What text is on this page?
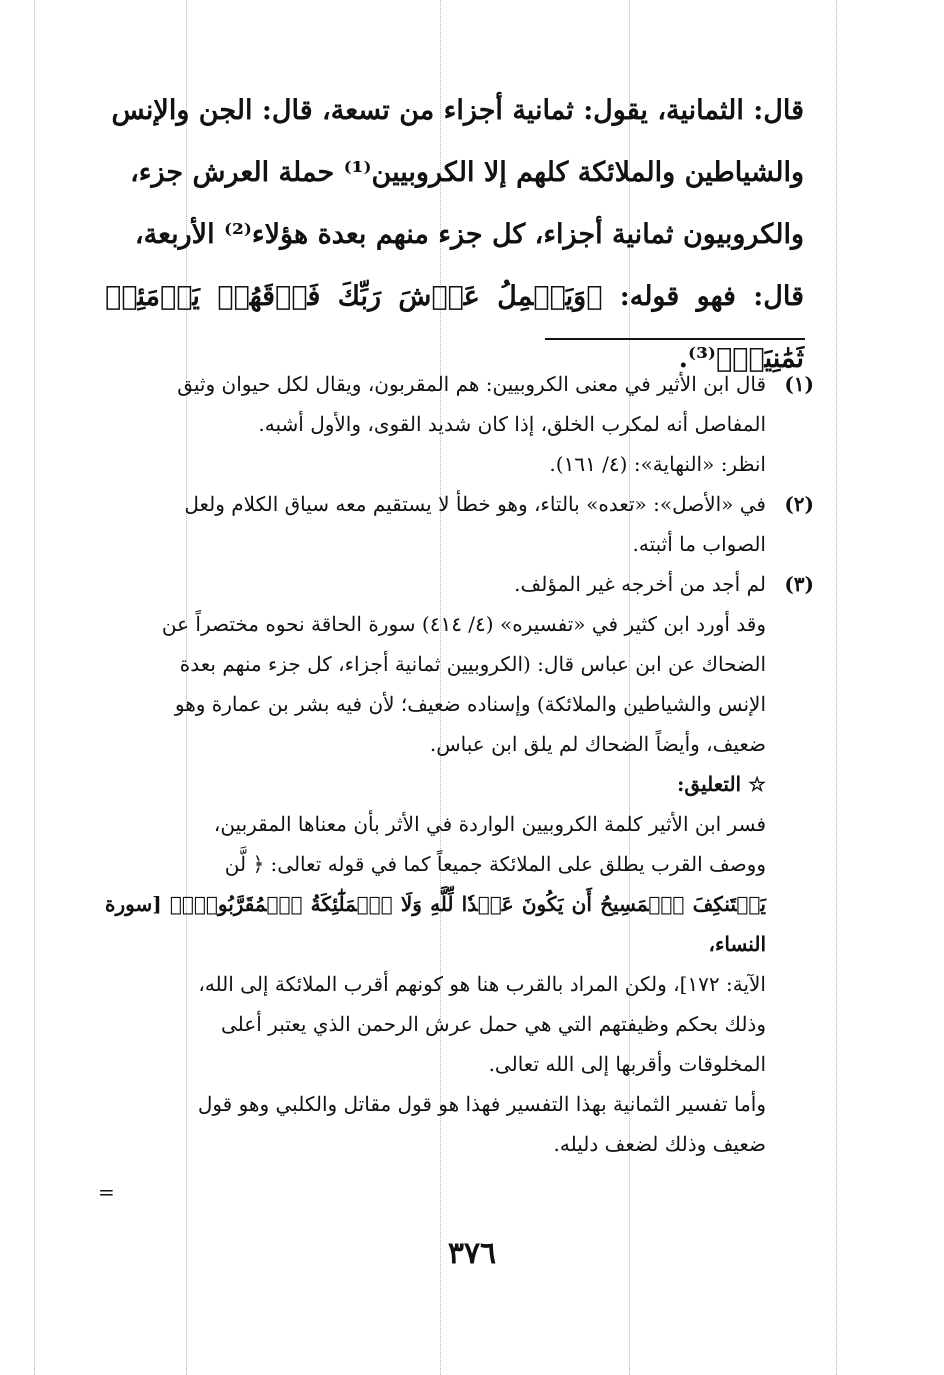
قال: الثمانية، يقول: ثمانية أجزاء من تسعة، قال: الجن والإنس

والشياطين والملائكة كلهم إلا الكروبيين⁽¹⁾ حملة العرش جزء،

والكروبيون ثمانية أجزاء، كل جزء منهم بعدة هؤلاء⁽²⁾ الأربعة،

قال: فهو قوله: ﴿وَيَحۡمِلُ عَرۡشَ رَبِّكَ فَوۡقَهُمۡ يَوۡمَئِذٖ ثَمَٰنِيَةٞ﴾⁽³⁾.

(١)

قال ابن الأثير في معنى الكروبيين: هم المقربون، ويقال لكل حيوان وثيق

المفاصل أنه لمكرب الخلق، إذا كان شديد القوى، والأول أشبه.

انظر: «النهاية»: (٤/ ١٦١).

(٢)

في «الأصل»: «تعده» بالتاء، وهو خطأ لا يستقيم معه سياق الكلام ولعل

الصواب ما أثبته.

(٣)

لم أجد من أخرجه غير المؤلف.

وقد أورد ابن كثير في «تفسيره» (٤/ ٤١٤) سورة الحاقة نحوه مختصراً عن

الضحاك عن ابن عباس قال: (الكروبيين ثمانية أجزاء، كل جزء منهم بعدة

الإنس والشياطين والملائكة) وإسناده ضعيف؛ لأن فيه بشر بن عمارة وهو

ضعيف، وأيضاً الضحاك لم يلق ابن عباس.

☆ التعليق:

فسر ابن الأثير كلمة الكروبيين الواردة في الأثر بأن معناها المقربين،

ووصف القرب يطلق على الملائكة جميعاً كما في قوله تعالى: ﴿ لَّن

يَسۡتَنكِفَ ٱلۡمَسِيحُ أَن يَكُونَ عَبۡدٗا لِّلَّهِ وَلَا ٱلۡمَلَٰٓئِكَةُ ٱلۡمُقَرَّبُونَۚ﴾ [سورة النساء،

الآية: ١٧٢]، ولكن المراد بالقرب هنا هو كونهم أقرب الملائكة إلى الله،

وذلك بحكم وظيفتهم التي هي حمل عرش الرحمن الذي يعتبر أعلى

المخلوقات وأقربها إلى الله تعالى.

وأما تفسير الثمانية بهذا التفسير فهذا هو قول مقاتل والكلبي وهو قول

ضعيف وذلك لضعف دليله.

=
٣٧٦
